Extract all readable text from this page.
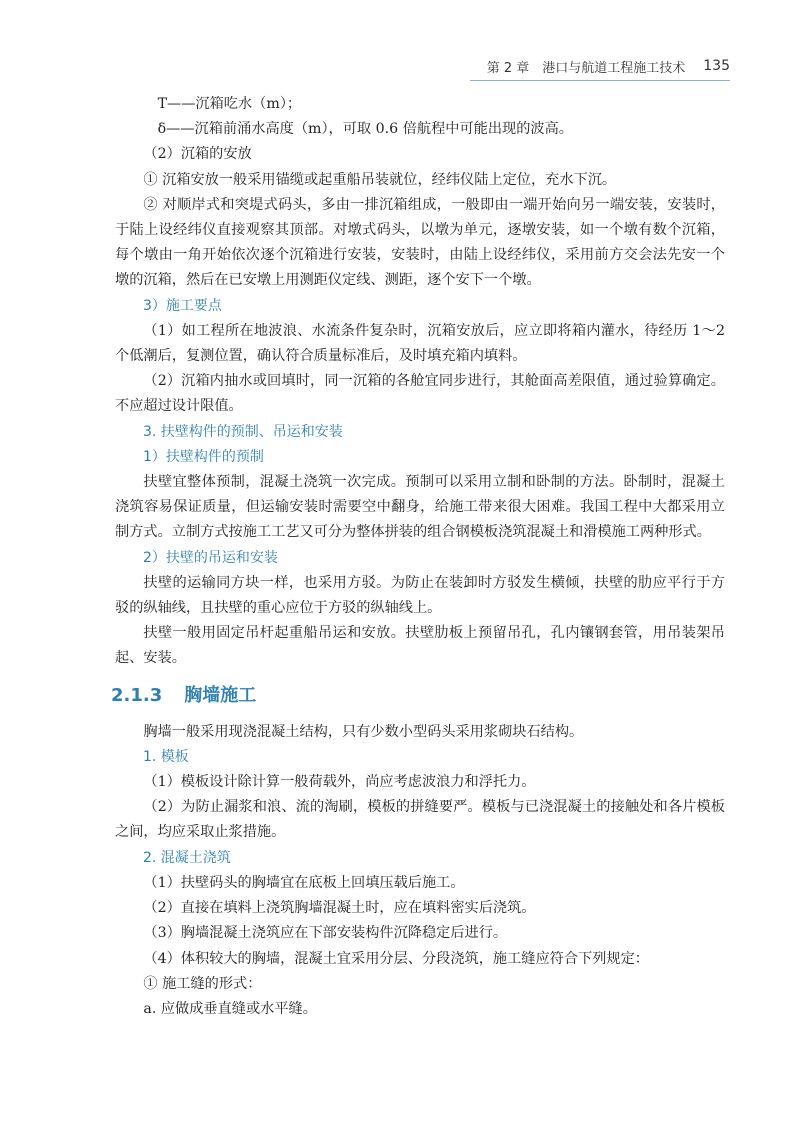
第 2 章　港口与航道工程施工技术 135

T——沉箱吃水（m）；

δ——沉箱前涌水高度（m），可取 0.6 倍航程中可能出现的波高。

（2）沉箱的安放

① 沉箱安放一般采用锚缆或起重船吊装就位，经纬仪陆上定位，充水下沉。

② 对顺岸式和突堤式码头，多由一排沉箱组成，一般即由一端开始向另一端安装，安装时，于陆上设经纬仪直接观察其顶部。对墩式码头，以墩为单元，逐墩安装，如一个墩有数个沉箱，每个墩由一角开始依次逐个沉箱进行安装，安装时，由陆上设经纬仪，采用前方交会法先安一个墩的沉箱，然后在已安墩上用测距仪定线、测距，逐个安下一个墩。

3）施工要点

（1）如工程所在地波浪、水流条件复杂时，沉箱安放后，应立即将箱内灌水，待经历 1～2 个低潮后，复测位置，确认符合质量标准后，及时填充箱内填料。

（2）沉箱内抽水或回填时，同一沉箱的各舱宜同步进行，其舱面高差限值，通过验算确定。不应超过设计限值。

3. 扶壁构件的预制、吊运和安装

1）扶壁构件的预制

扶壁宜整体预制，混凝土浇筑一次完成。预制可以采用立制和卧制的方法。卧制时，混凝土浇筑容易保证质量，但运输安装时需要空中翻身，给施工带来很大困难。我国工程中大都采用立制方式。立制方式按施工工艺又可分为整体拼装的组合钢模板浇筑混凝土和滑模施工两种形式。

2）扶壁的吊运和安装

扶壁的运输同方块一样，也采用方驳。为防止在装卸时方驳发生横倾，扶壁的肋应平行于方驳的纵轴线，且扶壁的重心应位于方驳的纵轴线上。

扶壁一般用固定吊杆起重船吊运和安放。扶壁肋板上预留吊孔，孔内镶钢套管，用吊装架吊起、安装。

2.1.3 胸墙施工

胸墙一般采用现浇混凝土结构，只有少数小型码头采用浆砌块石结构。

1. 模板

（1）模板设计除计算一般荷载外，尚应考虑波浪力和浮托力。

（2）为防止漏浆和浪、流的淘刷，模板的拼缝要严。模板与已浇混凝土的接触处和各片模板之间，均应采取止浆措施。

2. 混凝土浇筑

（1）扶壁码头的胸墙宜在底板上回填压载后施工。

（2）直接在填料上浇筑胸墙混凝土时，应在填料密实后浇筑。

（3）胸墙混凝土浇筑应在下部安装构件沉降稳定后进行。

（4）体积较大的胸墙，混凝土宜采用分层、分段浇筑，施工缝应符合下列规定：

① 施工缝的形式：

a. 应做成垂直缝或水平缝。
